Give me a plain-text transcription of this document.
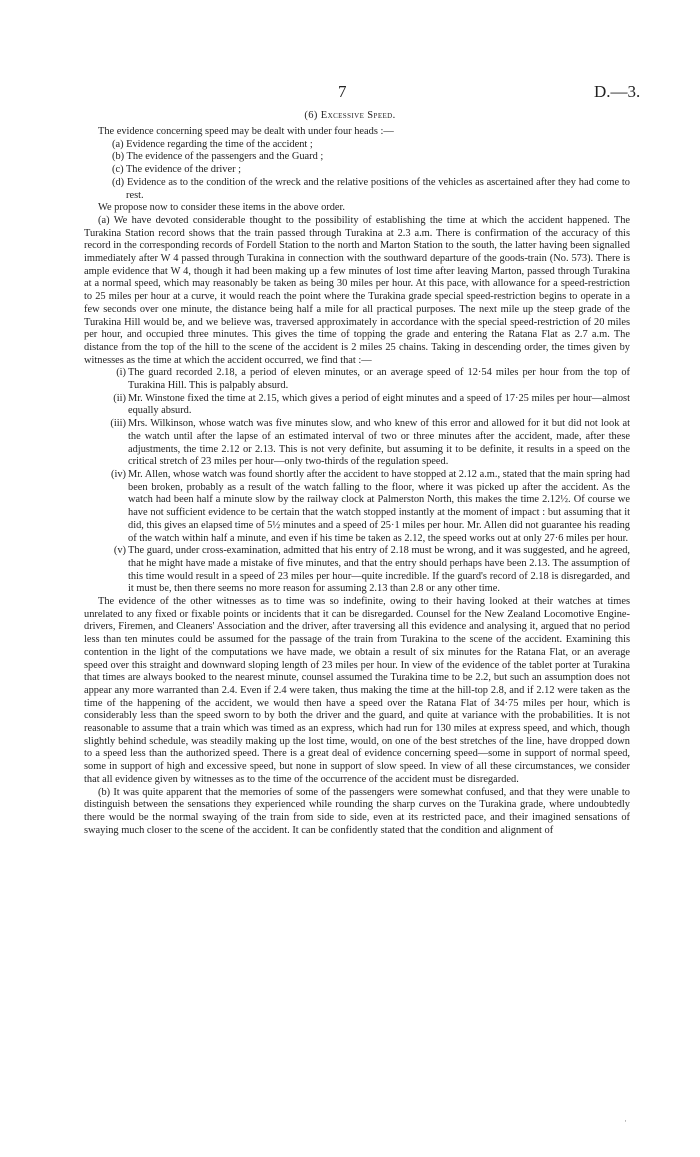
7	D.—3.
(6) Excessive Speed.

The evidence concerning speed may be dealt with under four heads :—

(a) Evidence regarding the time of the accident ;

(b) The evidence of the passengers and the Guard ;

(c) The evidence of the driver ;

(d) Evidence as to the condition of the wreck and the relative positions of the vehicles as ascertained after they had come to rest.

We propose now to consider these items in the above order.

(a) We have devoted considerable thought to the possibility of establishing the time at which the accident happened. The Turakina Station record shows that the train passed through Turakina at 2.3 a.m. There is confirmation of the accuracy of this record in the corresponding records of Fordell Station to the north and Marton Station to the south, the latter having been signalled immediately after W 4 passed through Turakina in connection with the southward departure of the goods-train (No. 573). There is ample evidence that W 4, though it had been making up a few minutes of lost time after leaving Marton, passed through Turakina at a normal speed, which may reasonably be taken as being 30 miles per hour. At this pace, with allowance for a speed-restriction to 25 miles per hour at a curve, it would reach the point where the Turakina grade special speed-restriction begins to operate in a few seconds over one minute, the distance being half a mile for all practical purposes. The next mile up the steep grade of the Turakina Hill would be, and we believe was, traversed approximately in accordance with the special speed-restriction of 20 miles per hour, and occupied three minutes. This gives the time of topping the grade and entering the Ratana Flat as 2.7 a.m. The distance from the top of the hill to the scene of the accident is 2 miles 25 chains. Taking in descending order, the times given by witnesses as the time at which the accident occurred, we find that :—

(i) The guard recorded 2.18, a period of eleven minutes, or an average speed of 12·54 miles per hour from the top of Turakina Hill. This is palpably absurd.
(ii) Mr. Winstone fixed the time at 2.15, which gives a period of eight minutes and a speed of 17·25 miles per hour—almost equally absurd.
(iii) Mrs. Wilkinson, whose watch was five minutes slow, and who knew of this error and allowed for it but did not look at the watch until after the lapse of an estimated interval of two or three minutes after the accident, made, after these adjustments, the time 2.12 or 2.13. This is not very definite, but assuming it to be definite, it results in a speed on the critical stretch of 23 miles per hour—only two-thirds of the regulation speed.
(iv) Mr. Allen, whose watch was found shortly after the accident to have stopped at 2.12 a.m., stated that the main spring had been broken, probably as a result of the watch falling to the floor, where it was picked up after the accident. As the watch had been half a minute slow by the railway clock at Palmerston North, this makes the time 2.12½. Of course we have not sufficient evidence to be certain that the watch stopped instantly at the moment of impact : but assuming that it did, this gives an elapsed time of 5½ minutes and a speed of 25·1 miles per hour. Mr. Allen did not guarantee his reading of the watch within half a minute, and even if his time be taken as 2.12, the speed works out at only 27·6 miles per hour.
(v) The guard, under cross-examination, admitted that his entry of 2.18 must be wrong, and it was suggested, and he agreed, that he might have made a mistake of five minutes, and that the entry should perhaps have been 2.13. The assumption of this time would result in a speed of 23 miles per hour—quite incredible. If the guard's record of 2.18 is disregarded, and it must be, then there seems no more reason for assuming 2.13 than 2.8 or any other time.

The evidence of the other witnesses as to time was so indefinite, owing to their having looked at their watches at times unrelated to any fixed or fixable points or incidents that it can be disregarded. Counsel for the New Zealand Locomotive Engine-drivers, Firemen, and Cleaners' Association and the driver, after traversing all this evidence and analysing it, argued that no period less than ten minutes could be assumed for the passage of the train from Turakina to the scene of the accident. Examining this contention in the light of the computations we have made, we obtain a result of six minutes for the Ratana Flat, or an average speed over this straight and downward sloping length of 23 miles per hour. In view of the evidence of the tablet porter at Turakina that times are always booked to the nearest minute, counsel assumed the Turakina time to be 2.2, but such an assumption does not appear any more warranted than 2.4. Even if 2.4 were taken, thus making the time at the hill-top 2.8, and if 2.12 were taken as the time of the happening of the accident, we would then have a speed over the Ratana Flat of 34·75 miles per hour, which is considerably less than the speed sworn to by both the driver and the guard, and quite at variance with the probabilities. It is not reasonable to assume that a train which was timed as an express, which had run for 130 miles at express speed, and which, though slightly behind schedule, was steadily making up the lost time, would, on one of the best stretches of the line, have dropped down to a speed less than the authorized speed. There is a great deal of evidence concerning speed—some in support of normal speed, some in support of high and excessive speed, but none in support of slow speed. In view of all these circumstances, we consider that all evidence given by witnesses as to the time of the occurrence of the accident must be disregarded.

(b) It was quite apparent that the memories of some of the passengers were somewhat confused, and that they were unable to distinguish between the sensations they experienced while rounding the sharp curves on the Turakina grade, where undoubtedly there would be the normal swaying of the train from side to side, even at its restricted pace, and their imagined sensations of swaying much closer to the scene of the accident. It can be confidently stated that the condition and alignment of

·
